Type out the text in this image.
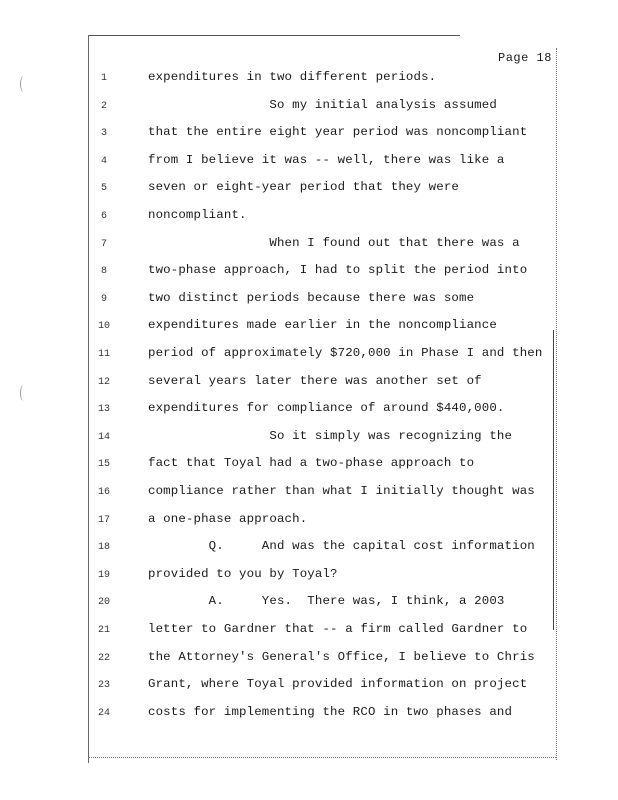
Page 18
1	expenditures in two different periods.
2	So my initial analysis assumed
3	that the entire eight year period was noncompliant
4	from I believe it was -- well, there was like a
5	seven or eight-year period that they were
6	noncompliant.
7	When I found out that there was a
8	two-phase approach, I had to split the period into
9	two distinct periods because there was some
10	expenditures made earlier in the noncompliance
11	period of approximately $720,000 in Phase I and then
12	several years later there was another set of
13	expenditures for compliance of around $440,000.
14	So it simply was recognizing the
15	fact that Toyal had a two-phase approach to
16	compliance rather than what I initially thought was
17	a one-phase approach.
18	Q.     And was the capital cost information
19	provided to you by Toyal?
20	A.     Yes.  There was, I think, a 2003
21	letter to Gardner that -- a firm called Gardner to
22	the Attorney's General's Office, I believe to Chris
23	Grant, where Toyal provided information on project
24	costs for implementing the RCO in two phases and
